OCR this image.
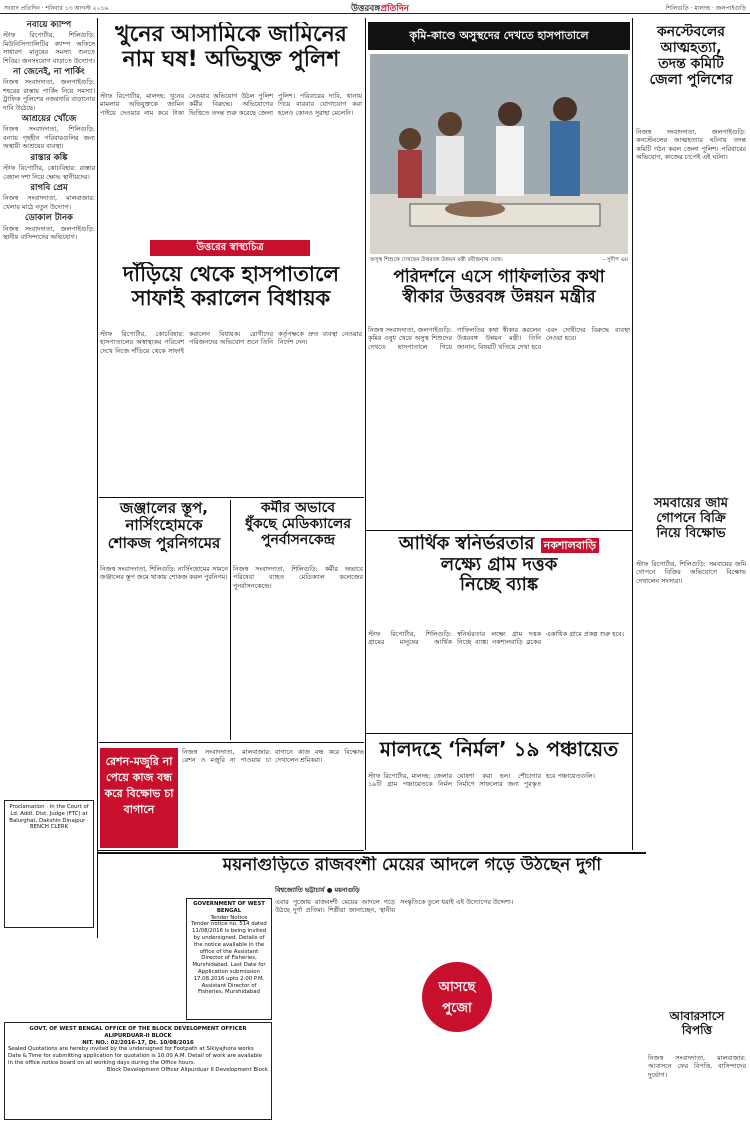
সংবাদ প্রতিদিন · শনিবার ১৩ আগস্ট ২০১৬	উত্তরবঙ্গপ্রতিদিন	শিলিগুড়ি · মালদহ · জলপাইগুড়ি
নবায়ে ক্যাম্প

স্টাফ রিপোর্টার, শিলিগুড়ি: মিউনিসিপ্যালিটির ক্যাম্প অফিসে সাধারণ মানুষের সমস্যা শুনতে শিবির। জনসংযোগ বাড়াতে উদ্যোগ।

না জেনেই, না পার্কিং

নিজস্ব সংবাদদাতা, জলপাইগুড়ি: শহরের রাস্তায় পার্কিং নিয়ে সমস্যা। ট্রাফিক পুলিশের নজরদারি বাড়ানোর দাবি উঠেছে।

আশ্রয়ের খোঁজে

নিজস্ব সংবাদদাতা, শিলিগুড়ি: বন্যায় গৃহহীন পরিবারগুলির জন্য অস্থায়ী আশ্রয়ের ব্যবস্থা।

রাস্তার কঙ্কি

স্টাফ রিপোর্টার, কোচবিহার: রাস্তার বেহাল দশা নিয়ে ক্ষোভ স্থানীয়দের।

রাগবি প্রেম

নিজস্ব সংবাদদাতা, মালবাজার: খেলার মাঠে নতুন উদ্যোগ।

ডোকাল টানক

নিজস্ব সংবাদদাতা, জলপাইগুড়ি: স্থানীয় বাসিন্দাদের অভিযোগ।

Proclamation · In the Court of Ld. Addl. Dist. Judge (FTC) at Balurghat, Dakshin Dinajpur · BENCH CLERK
খুনের আসামিকে জামিনের
নাম ঘষ! অভিযুক্ত পুলিশ
স্টাফ রিপোর্টার, মালদহ: খুনের মামলায় অভিযুক্তকে জামিন পাইয়ে দেওয়ার নাম করে টাকা নেওয়ার অভিযোগ উঠল পুলিশ কর্মীর বিরুদ্ধে। অভিযোগের ভিত্তিতে তদন্ত শুরু করেছে জেলা পুলিশ। পরিবারের দাবি, থানায় গিয়ে বারবার যোগাযোগ করা হলেও কোনও সুরাহা মেলেনি।
উত্তরের স্বাস্থ্যচিত্র
দাঁড়িয়ে থেকে হাসপাতালে
সাফাই করালেন বিধায়ক
স্টাফ রিপোর্টার, কোচবিহার: হাসপাতালের অস্বাস্থ্যকর পরিবেশ দেখে নিজে দাঁড়িয়ে থেকে সাফাই করালেন বিধায়ক। রোগীদের পরিজনদের অভিযোগ শুনে তিনি কর্তৃপক্ষকে দ্রুত ব্যবস্থা নেওয়ার নির্দেশ দেন।
জঞ্জালের স্তূপ,
নার্সিংহোমকে
শোকজ পুরনিগমের
নিজস্ব সংবাদদাতা, শিলিগুড়ি: নার্সিংহোমের সামনে জঞ্জালের স্তূপ জমে থাকায় শোকজ করল পুরনিগম।
কর্মীর অভাবে
ধুঁকছে মেডিক্যালের
পুনর্বাসনকেন্দ্র
নিজস্ব সংবাদদাতা, শিলিগুড়ি: কর্মীর অভাবে পরিষেবা ব্যাহত মেডিক্যাল কলেজের পুনর্বাসনকেন্দ্রে।
রেশন-মজুরি না পেয়ে কাজ বন্ধ করে বিক্ষোভ চা বাগানে
নিজস্ব সংবাদদাতা, মালবাজার: রেশন ও মজুরি না পাওয়ায় চা বাগানে কাজ বন্ধ করে বিক্ষোভ দেখালেন শ্রমিকরা।
কৃমি-কাণ্ডে অসুস্থদের দেখতে হাসপাতালে
অসুস্থ শিশুকে দেখছেন উত্তরবঙ্গ উন্নয়ন মন্ত্রী রবীন্দ্রনাথ ঘোষ।	- সুদীপ এম
পরিদর্শনে এসে গাফিলতির কথা
স্বীকার উত্তরবঙ্গ উন্নয়ন মন্ত্রীর
নিজস্ব সংবাদদাতা, জলপাইগুড়ি: কৃমির ওষুধ খেয়ে অসুস্থ শিশুদের দেখতে হাসপাতালে গিয়ে গাফিলতির কথা স্বীকার করলেন উত্তরবঙ্গ উন্নয়ন মন্ত্রী। তিনি জানান, বিষয়টি খতিয়ে দেখা হবে এবং দোষীদের বিরুদ্ধে ব্যবস্থা নেওয়া হবে।
কনস্টেবলের
আত্মহত্যা,
তদন্ত কমিটি
জেলা পুলিশের
নিজস্ব সংবাদদাতা, জলপাইগুড়ি: কনস্টেবলের আত্মহত্যার ঘটনায় তদন্ত কমিটি গঠন করল জেলা পুলিশ। পরিবারের অভিযোগ, কাজের চাপেই এই ঘটনা।
সমবায়ের জমি
গোপনে বিক্রি
নিয়ে বিক্ষোভ
স্টাফ রিপোর্টার, শিলিগুড়ি: সমবায়ের জমি গোপনে বিক্রির অভিযোগে বিক্ষোভ দেখালেন সদস্যরা।
আর্থিক স্বনির্ভরতার নকশালবাড়ি
লক্ষ্যে গ্রাম দত্তক
নিচ্ছে ব্যাঙ্ক
স্টাফ রিপোর্টার, শিলিগুড়ি: গ্রামের মানুষের আর্থিক স্বনির্ভরতার লক্ষ্যে গ্রাম দত্তক নিচ্ছে ব্যাঙ্ক। নকশালবাড়ি ব্লকের একাধিক গ্রামে প্রকল্প শুরু হবে।
মালদহে ‘নির্মল’ ১৯ পঞ্চায়েত
স্টাফ রিপোর্টার, মালদহ: জেলার ১৯টি গ্রাম পঞ্চায়েতকে নির্মল ঘোষণা করা হল। শৌচাগার নির্মাণে সাফল্যের জন্য পুরস্কৃত হবে পঞ্চায়েতগুলি।
ময়নাগুড়িতে রাজবংশী মেয়ের আদলে গড়ে উঠছেন দুর্গা
বিশ্বজ্যোতি ভট্টাচার্য ● ময়নাগুড়ি
এবার পুজোয় রাজবংশী মেয়ের আদলে গড়ে উঠছে দুর্গা প্রতিমা। শিল্পীরা জানাচ্ছেন, স্থানীয় সংস্কৃতিকে তুলে ধরাই এই উদ্যোগের উদ্দেশ্য।
আসছে
পুজো	আবারসাসে
বিপত্তি
নিজস্ব সংবাদদাতা, মালবাজার: আবাসনে ফের বিপত্তি, বাসিন্দাদের দুর্ভোগ।
GOVERNMENT OF WEST BENGAL
Tender Notice
Tender notice no. 514 dated 11/08/2016 is being invited by undersigned. Details of the notice available in the office of the Assistant Director of Fisheries, Murshidabad. Last Date for Application submission 17.08.2016 upto 2:00 P.M.
Assistant Director of Fisheries, Murshidabad
GOVT. OF WEST BENGAL OFFICE OF THE BLOCK DEVELOPMENT OFFICER ALIPURDUAR-II BLOCK
NIT. NO.: 02/2016-17, Dt. 10/08/2016
Sealed Quotations are hereby invited by the undersigned for Footpath at Sikiyajhora works Date & Time for submitting application for quotation is 10.00 A.M. Detail of work are available in the office notice board on all working days during the Office hours.
Block Development Officer Alipurduar II Development Block
